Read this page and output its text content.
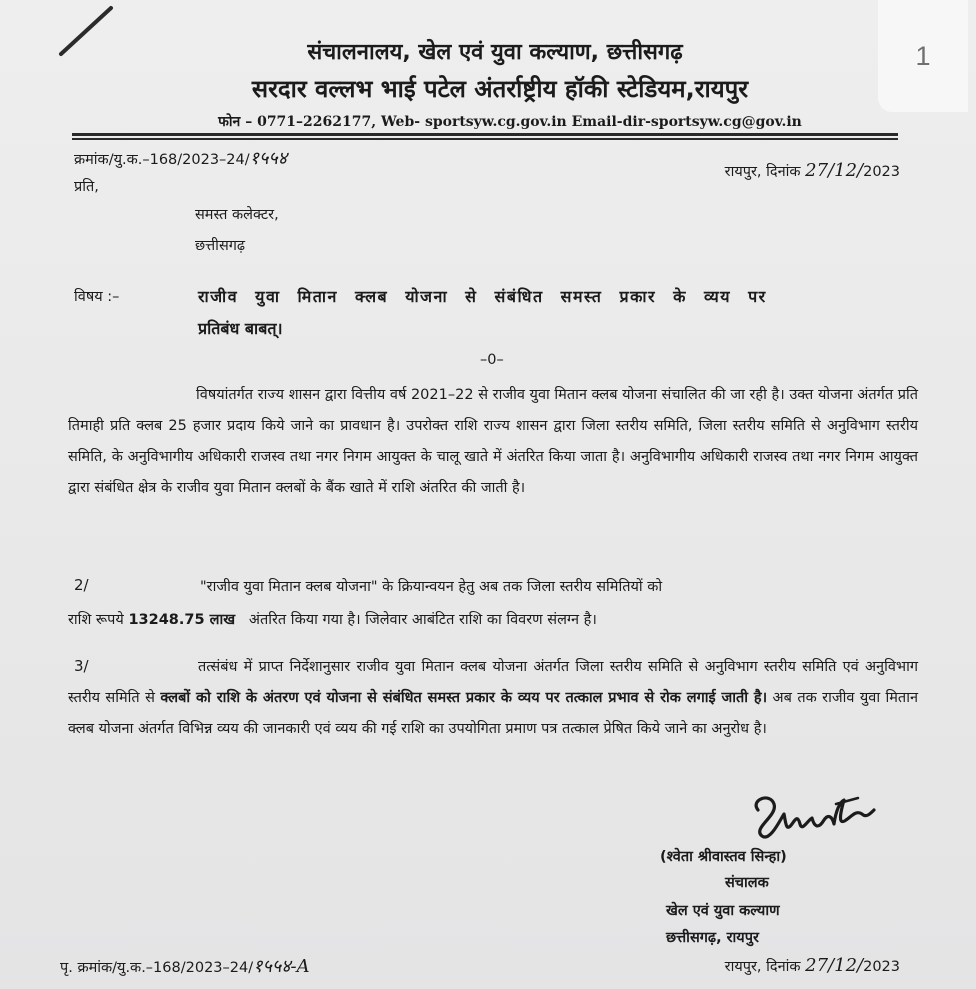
1
संचालनालय, खेल एवं युवा कल्याण, छत्तीसगढ़
सरदार वल्लभ भाई पटेल अंतर्राष्ट्रीय हॉकी स्टेडियम,रायपुर
फोन – 0771–2262177, Web- sportsyw.cg.gov.in Email-dir-sportsyw.cg@gov.in
क्रमांक/यु.क.–168/2023–24/१५५४
रायपुर, दिनांक 27/12/2023
प्रति,
समस्त कलेक्टर,
छत्तीसगढ़
विषय :–	राजीव युवा मितान क्लब योजना से संबंधित समस्त प्रकार के व्यय पर
प्रतिबंध बाबत्।
–0–
विषयांतर्गत राज्य शासन द्वारा वित्तीय वर्ष 2021–22 से राजीव युवा मितान क्लब योजना संचालित की जा रही है। उक्त योजना अंतर्गत प्रति तिमाही प्रति क्लब 25 हजार प्रदाय किये जाने का प्रावधान है। उपरोक्त राशि राज्य शासन द्वारा जिला स्तरीय समिति, जिला स्तरीय समिति से अनुविभाग स्तरीय समिति, के अनुविभागीय अधिकारी राजस्व तथा नगर निगम आयुक्त के चालू खाते में अंतरित किया जाता है। अनुविभागीय अधिकारी राजस्व तथा नगर निगम आयुक्त द्वारा संबंधित क्षेत्र के राजीव युवा मितान क्लबों के बैंक खाते में राशि अंतरित की जाती है।
2/	"राजीव युवा मितान क्लब योजना" के क्रियान्वयन हेतु अब तक जिला स्तरीय समितियों को
राशि रूपये 13248.75 लाख अंतरित किया गया है। जिलेवार आबंटित राशि का विवरण संलग्न है।
3/	तत्संबंध में प्राप्त निर्देशानुसार राजीव युवा मितान क्लब योजना अंतर्गत जिला स्तरीय समिति से अनुविभाग स्तरीय समिति एवं अनुविभाग स्तरीय समिति से क्लबों को राशि के अंतरण एवं योजना से संबंधित समस्त प्रकार के व्यय पर तत्काल प्रभाव से रोक लगाई जाती है। अब तक राजीव युवा मितान क्लब योजना अंतर्गत विभिन्न व्यय की जानकारी एवं व्यय की गई राशि का उपयोगिता प्रमाण पत्र तत्काल प्रेषित किये जाने का अनुरोध है।
(श्वेता श्रीवास्तव सिन्हा)
संचालक
खेल एवं युवा कल्याण
छत्तीसगढ़, रायपुर
रायपुर, दिनांक 27/12/2023
पृ. क्रमांक/यु.क.–168/2023–24/१५५४-A
